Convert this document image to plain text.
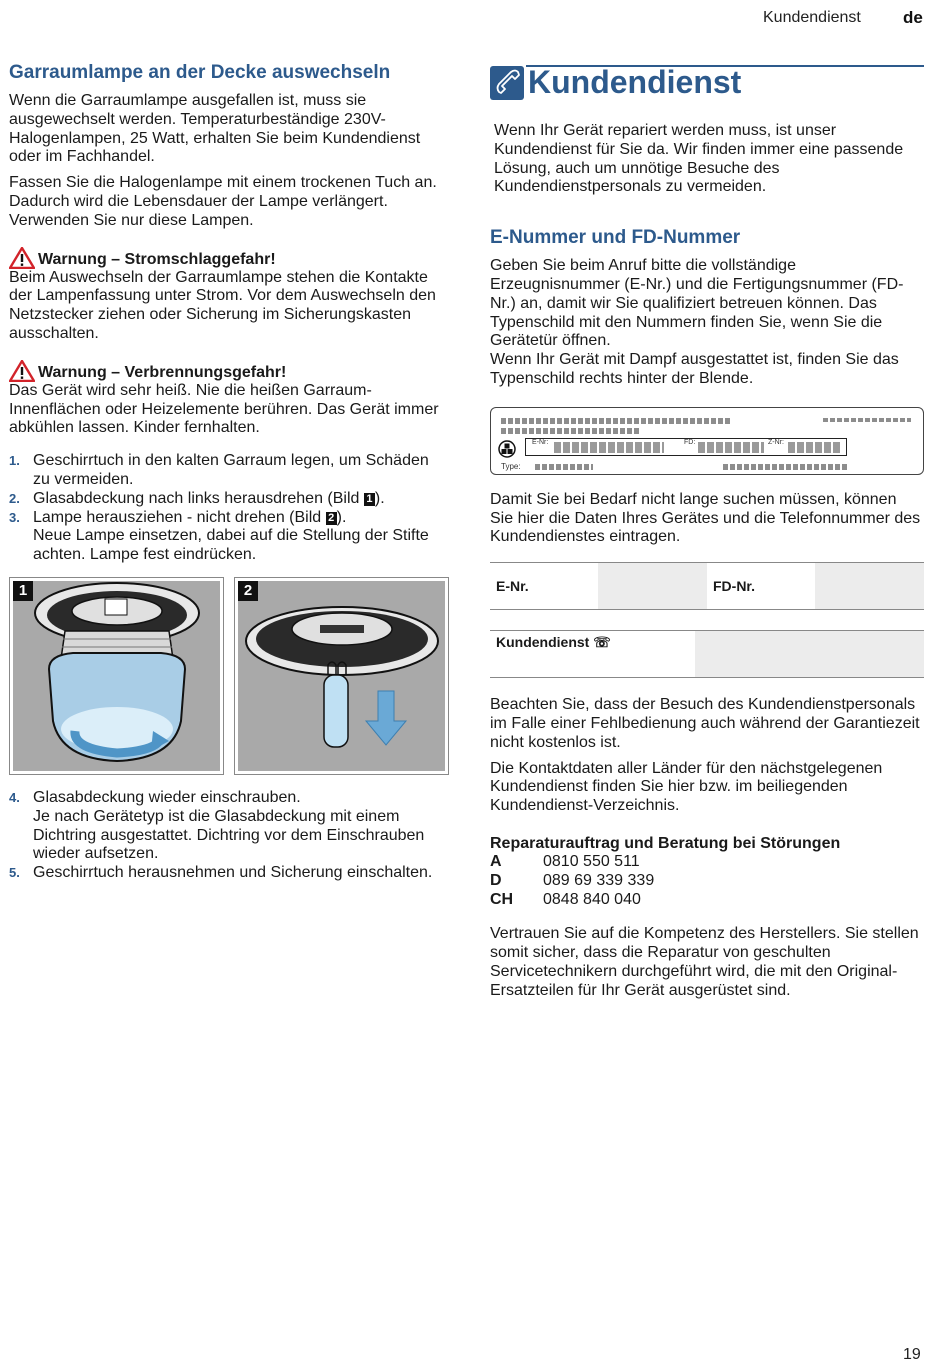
Kundendienst de
Garraumlampe an der Decke auswechseln

Wenn die Garraumlampe ausgefallen ist, muss sie ausgewechselt werden. Temperaturbeständige 230V-Halogenlampen, 25 Watt, erhalten Sie beim Kundendienst oder im Fachhandel.

Fassen Sie die Halogenlampe mit einem trockenen Tuch an. Dadurch wird die Lebensdauer der Lampe verlängert. Verwenden Sie nur diese Lampen.

Warnung – Stromschlaggefahr!

Beim Auswechseln der Garraumlampe stehen die Kontakte der Lampenfassung unter Strom. Vor dem Auswechseln den Netzstecker ziehen oder Sicherung im Sicherungskasten ausschalten.

Warnung – Verbrennungsgefahr!

Das Gerät wird sehr heiß. Nie die heißen Garraum-Innenflächen oder Heizelemente berühren. Das Gerät immer abkühlen lassen. Kinder fernhalten.

1. Geschirrtuch in den kalten Garraum legen, um Schäden zu vermeiden.
2. Glasabdeckung nach links herausdrehen (Bild 1 ).
3. Lampe herausziehen - nicht drehen (Bild 2 ).
Neue Lampe einsetzen, dabei auf die Stellung der Stifte achten. Lampe fest eindrücken.
1	2
4. Glasabdeckung wieder einschrauben.
Je nach Gerätetyp ist die Glasabdeckung mit einem Dichtring ausgestattet. Dichtring vor dem Einschrauben wieder aufsetzen.
5. Geschirrtuch herausnehmen und Sicherung einschalten.
Kundendienst

Wenn Ihr Gerät repariert werden muss, ist unser Kundendienst für Sie da. Wir finden immer eine passende Lösung, auch um unnötige Besuche des Kundendienstpersonals zu vermeiden.

E-Nummer und FD-Nummer

Geben Sie beim Anruf bitte die vollständige Erzeugnisnummer (E-Nr.) und die Fertigungsnummer (FD-Nr.) an, damit wir Sie qualifiziert betreuen können. Das Typenschild mit den Nummern finden Sie, wenn Sie die Gerätetür öffnen.

Wenn Ihr Gerät mit Dampf ausgestattet ist, finden Sie das Typenschild rechts hinter der Blende.

E-Nr:	FD:	Z-Nr:
Type:

Damit Sie bei Bedarf nicht lange suchen müssen, können Sie hier die Daten Ihres Gerätes und die Telefonnummer des Kundendienstes eintragen.

E-Nr.	FD-Nr.
Kundendienst ☏

Beachten Sie, dass der Besuch des Kundendienstpersonals im Falle einer Fehlbedienung auch während der Garantiezeit nicht kostenlos ist.

Die Kontaktdaten aller Länder für den nächstgelegenen Kundendienst finden Sie hier bzw. im beiliegenden Kundendienst-Verzeichnis.

Reparaturauftrag und Beratung bei Störungen
A	0810 550 511
D	089 69 339 339
CH	0848 840 040

Vertrauen Sie auf die Kompetenz des Herstellers. Sie stellen somit sicher, dass die Reparatur von geschulten Servicetechnikern durchgeführt wird, die mit den Original-Ersatzteilen für Ihr Gerät ausgerüstet sind.

19
